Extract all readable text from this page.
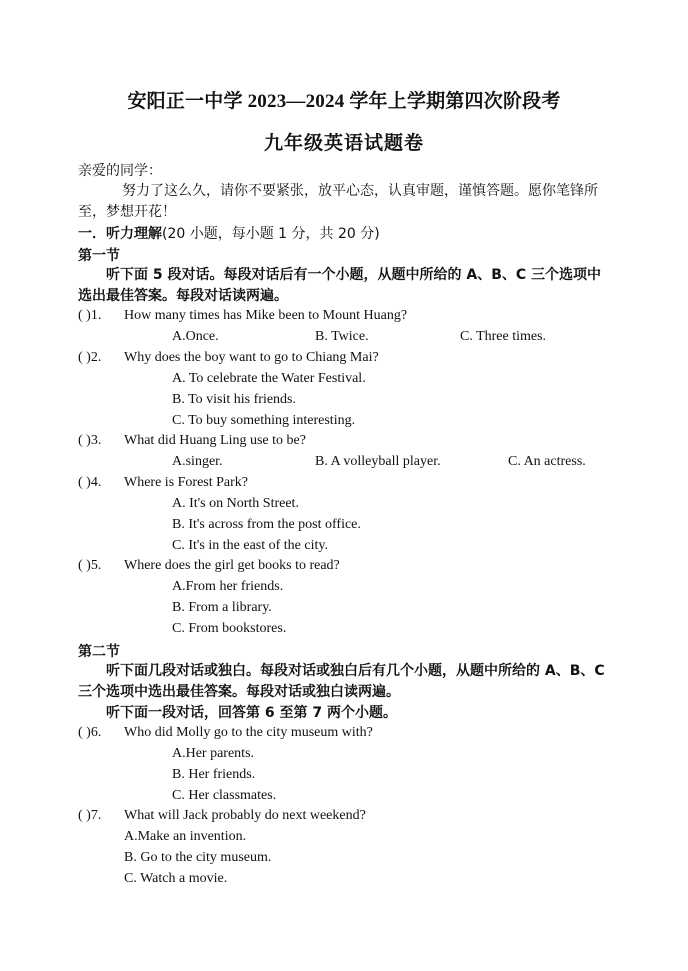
安阳正一中学 2023—2024 学年上学期第四次阶段考
九年级英语试题卷
亲爱的同学：
努力了这么久，请你不要紧张，放平心态，认真审题，谨慎答题。愿你笔锋所至，梦想开花！
一．听力理解(20 小题，每小题 1 分，共 20 分)
第一节
听下面 5 段对话。每段对话后有一个小题，从题中所给的 A、B、C 三个选项中选出最佳答案。每段对话读两遍。
( )1. How many times has Mike been to Mount Huang?
A.Once.	B. Twice.	C. Three times.
( )2. Why does the boy want to go to Chiang Mai?
A. To celebrate the Water Festival.
B. To visit his friends.
C. To buy something interesting.
( )3. What did Huang Ling use to be?
A.singer.	B. A volleyball player.	C. An actress.
( )4. Where is Forest Park?
A. It's on North Street.
B. It's across from the post office.
C. It's in the east of the city.
( )5. Where does the girl get books to read?
A.From her friends.
B. From a library.
C. From bookstores.
第二节
听下面几段对话或独白。每段对话或独白后有几个小题，从题中所给的 A、B、C 三个选项中选出最佳答案。每段对话或独白读两遍。
听下面一段对话，回答第 6 至第 7 两个小题。
( )6. Who did Molly go to the city museum with?
A.Her parents.
B. Her friends.
C. Her classmates.
( )7. What will Jack probably do next weekend?
A.Make an invention.
B. Go to the city museum.
C. Watch a movie.
